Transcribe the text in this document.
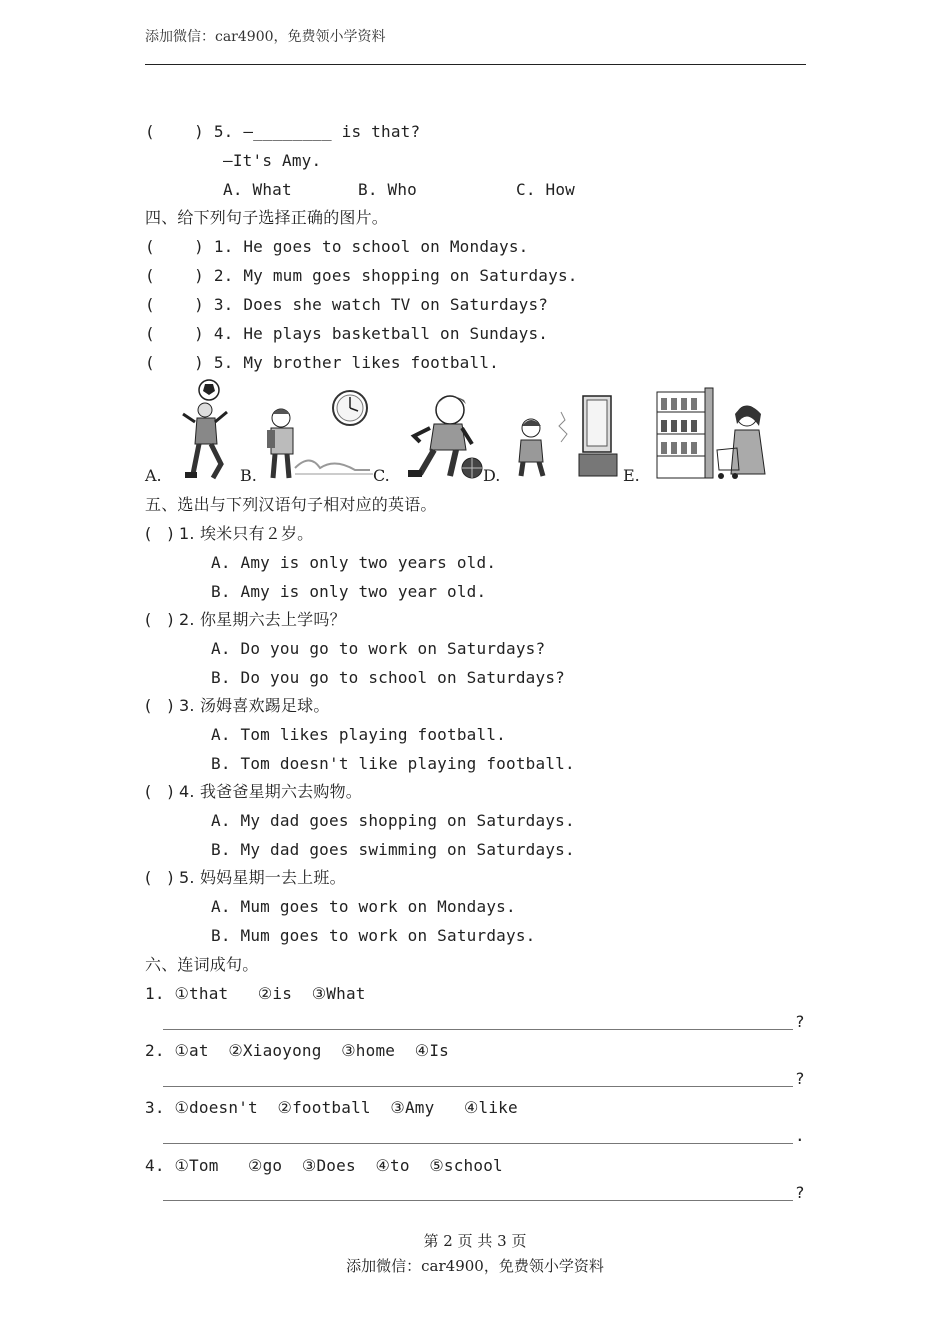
添加微信：car4900，免费领小学资料
(    ) 5. —________ is that?
—It's Amy.
A. What	B. Who	C. How
四、给下列句子选择正确的图片。
(    ) 1. He goes to school on Mondays.
(    ) 2. My mum goes shopping on Saturdays.
(    ) 3. Does she watch TV on Saturdays?
(    ) 4. He plays basketball on Sundays.
(    ) 5. My brother likes football.
A.	B.	C.	D.	E.
五、选出与下列汉语句子相对应的英语。
(   ) 1. 埃米只有２岁。
A. Amy is only two years old.
B. Amy is only two year old.
(   ) 2. 你星期六去上学吗？
A. Do you go to work on Saturdays?
B. Do you go to school on Saturdays?
(   ) 3. 汤姆喜欢踢足球。
A. Tom likes playing football.
B. Tom doesn't like playing football.
(   ) 4. 我爸爸星期六去购物。
A. My dad goes shopping on Saturdays.
B. My dad goes swimming on Saturdays.
(   ) 5. 妈妈星期一去上班。
A. Mum goes to work on Mondays.
B. Mum goes to work on Saturdays.
六、连词成句。
1. ①that   ②is  ③What
?
2. ①at  ②Xiaoyong  ③home  ④Is
?
3. ①doesn't  ②football  ③Amy   ④like
.
4. ①Tom   ②go  ③Does  ④to  ⑤school
?
第 2 页 共 3 页
添加微信：car4900，免费领小学资料
